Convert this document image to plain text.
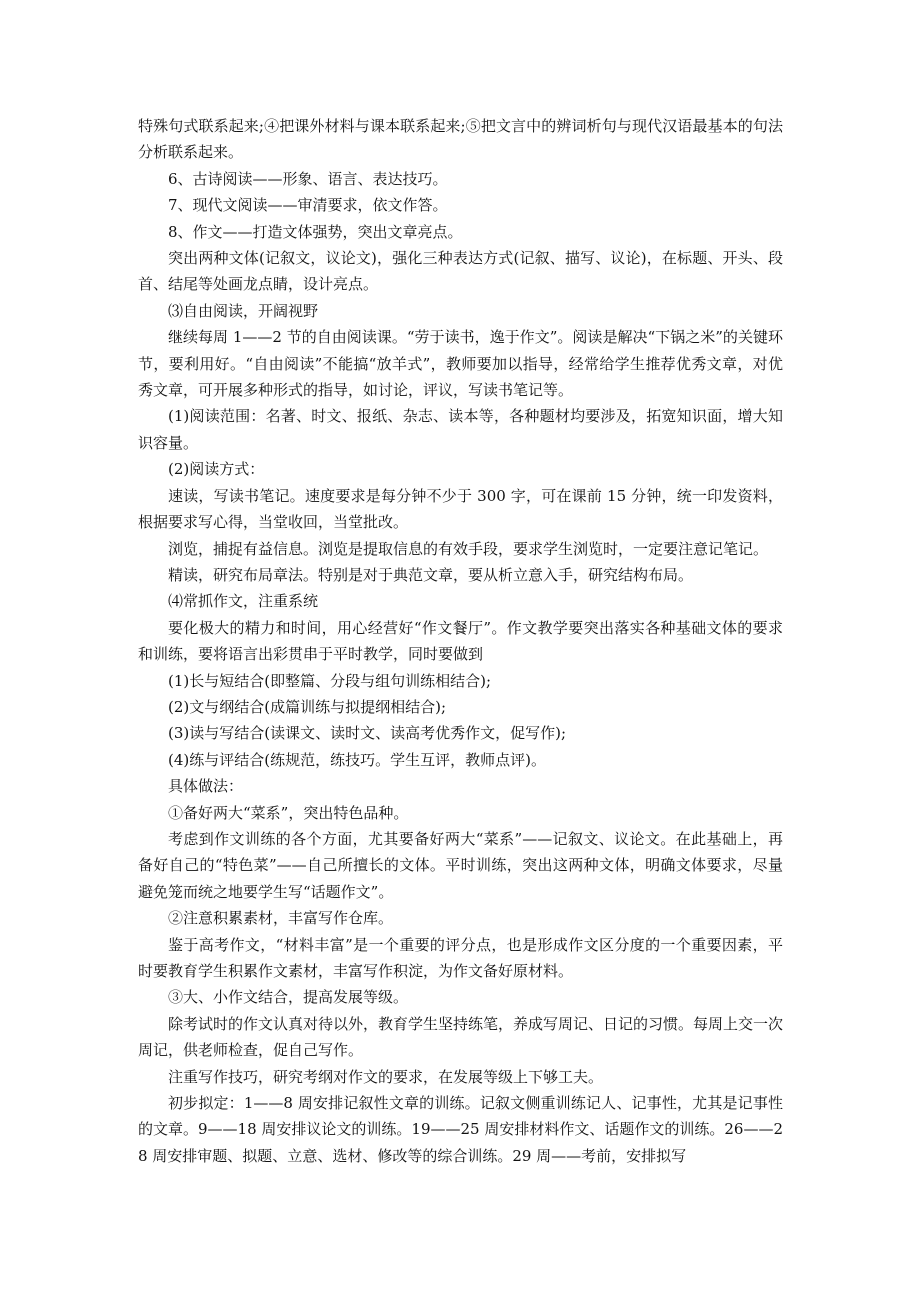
特殊句式联系起来;④把课外材料与课本联系起来;⑤把文言中的辨词析句与现代汉语最基本的句法分析联系起来。

6、古诗阅读——形象、语言、表达技巧。

7、现代文阅读——审清要求，依文作答。

8、作文——打造文体强势，突出文章亮点。

突出两种文体(记叙文，议论文)，强化三种表达方式(记叙、描写、议论)，在标题、开头、段首、结尾等处画龙点睛，设计亮点。

⑶自由阅读，开阔视野

继续每周 1——2 节的自由阅读课。“劳于读书，逸于作文”。阅读是解决“下锅之米”的关键环节，要利用好。“自由阅读”不能搞“放羊式”，教师要加以指导，经常给学生推荐优秀文章，对优秀文章，可开展多种形式的指导，如讨论，评议，写读书笔记等。

(1)阅读范围：名著、时文、报纸、杂志、读本等，各种题材均要涉及，拓宽知识面，增大知识容量。

(2)阅读方式：

速读，写读书笔记。速度要求是每分钟不少于 300 字，可在课前 15 分钟，统一印发资料，根据要求写心得，当堂收回，当堂批改。

浏览，捕捉有益信息。浏览是提取信息的有效手段，要求学生浏览时，一定要注意记笔记。

精读，研究布局章法。特别是对于典范文章，要从析立意入手，研究结构布局。

⑷常抓作文，注重系统

要化极大的精力和时间，用心经营好“作文餐厅”。作文教学要突出落实各种基础文体的要求和训练，要将语言出彩贯串于平时教学，同时要做到

(1)长与短结合(即整篇、分段与组句训练相结合);

(2)文与纲结合(成篇训练与拟提纲相结合);

(3)读与写结合(读课文、读时文、读高考优秀作文，促写作);

(4)练与评结合(练规范，练技巧。学生互评，教师点评)。

具体做法：

①备好两大“菜系”，突出特色品种。

考虑到作文训练的各个方面，尤其要备好两大“菜系”——记叙文、议论文。在此基础上，再备好自己的“特色菜”——自己所擅长的文体。平时训练，突出这两种文体，明确文体要求，尽量避免笼而统之地要学生写“话题作文”。

②注意积累素材，丰富写作仓库。

鉴于高考作文，“材料丰富”是一个重要的评分点，也是形成作文区分度的一个重要因素，平时要教育学生积累作文素材，丰富写作积淀，为作文备好原材料。

③大、小作文结合，提高发展等级。

除考试时的作文认真对待以外，教育学生坚持练笔，养成写周记、日记的习惯。每周上交一次周记，供老师检查，促自己写作。

注重写作技巧，研究考纲对作文的要求，在发展等级上下够工夫。

初步拟定：1——8 周安排记叙性文章的训练。记叙文侧重训练记人、记事性，尤其是记事性的文章。9——18 周安排议论文的训练。19——25 周安排材料作文、话题作文的训练。26——28 周安排审题、拟题、立意、选材、修改等的综合训练。29 周——考前，安排拟写
